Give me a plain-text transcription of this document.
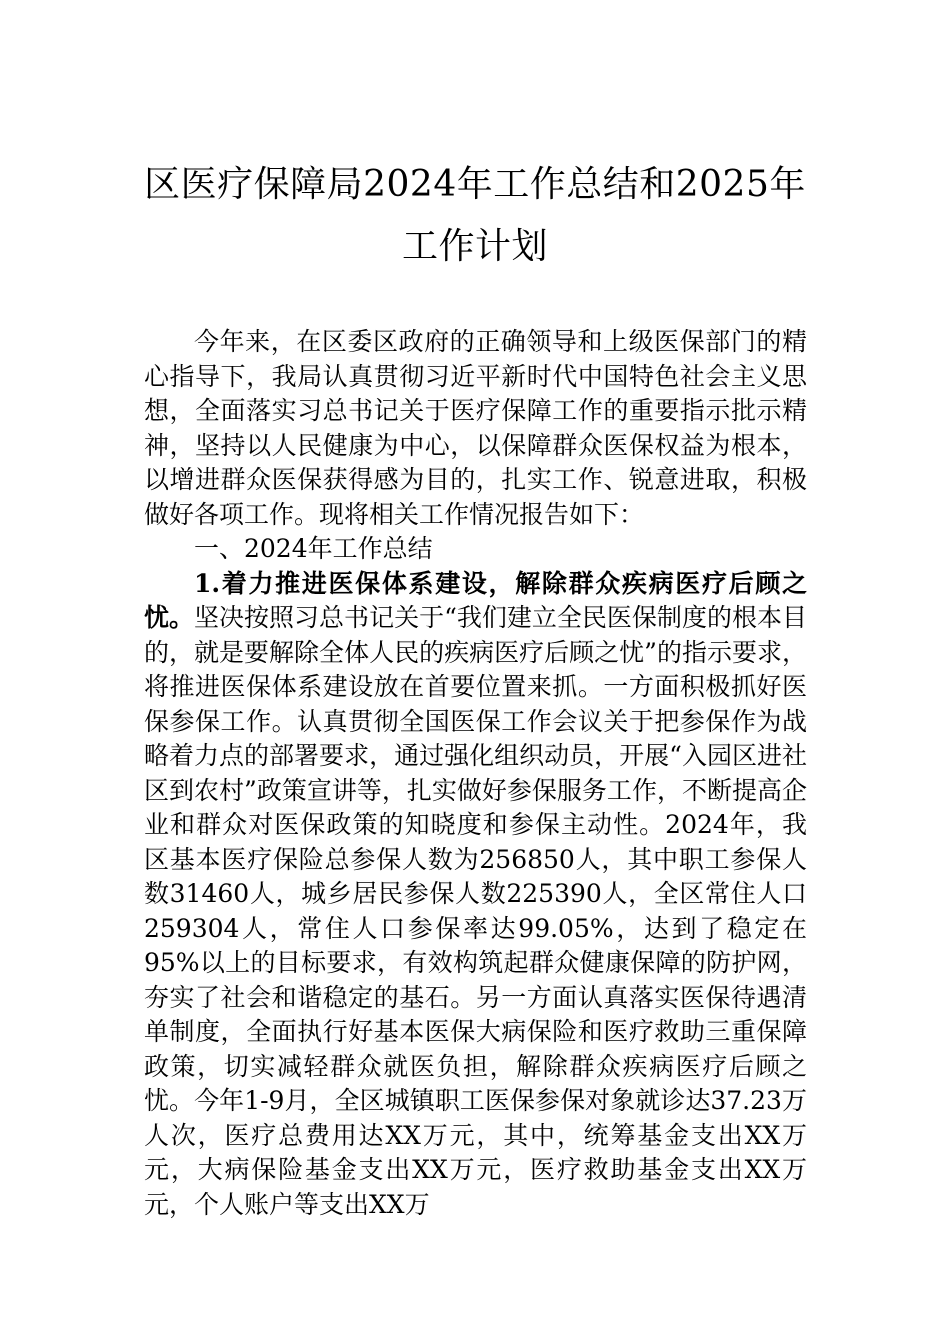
区医疗保障局2024年工作总结和2025年工作计划

今年来，在区委区政府的正确领导和上级医保部门的精心指导下，我局认真贯彻习近平新时代中国特色社会主义思想，全面落实习总书记关于医疗保障工作的重要指示批示精神，坚持以人民健康为中心，以保障群众医保权益为根本，以增进群众医保获得感为目的，扎实工作、锐意进取，积极做好各项工作。现将相关工作情况报告如下：

一、2024年工作总结

1.着力推进医保体系建设，解除群众疾病医疗后顾之忧。坚决按照习总书记关于“我们建立全民医保制度的根本目的，就是要解除全体人民的疾病医疗后顾之忧”的指示要求，将推进医保体系建设放在首要位置来抓。一方面积极抓好医保参保工作。认真贯彻全国医保工作会议关于把参保作为战略着力点的部署要求，通过强化组织动员，开展“入园区进社区到农村”政策宣讲等，扎实做好参保服务工作，不断提高企业和群众对医保政策的知晓度和参保主动性。2024年，我区基本医疗保险总参保人数为256850人，其中职工参保人数31460人，城乡居民参保人数225390人，全区常住人口259304人，常住人口参保率达99.05%，达到了稳定在95%以上的目标要求，有效构筑起群众健康保障的防护网，夯实了社会和谐稳定的基石。另一方面认真落实医保待遇清单制度，全面执行好基本医保大病保险和医疗救助三重保障政策，切实减轻群众就医负担，解除群众疾病医疗后顾之忧。今年1-9月，全区城镇职工医保参保对象就诊达37.23万人次，医疗总费用达XX万元，其中，统筹基金支出XX万元，大病保险基金支出XX万元，医疗救助基金支出XX万元，个人账户等支出XX万
